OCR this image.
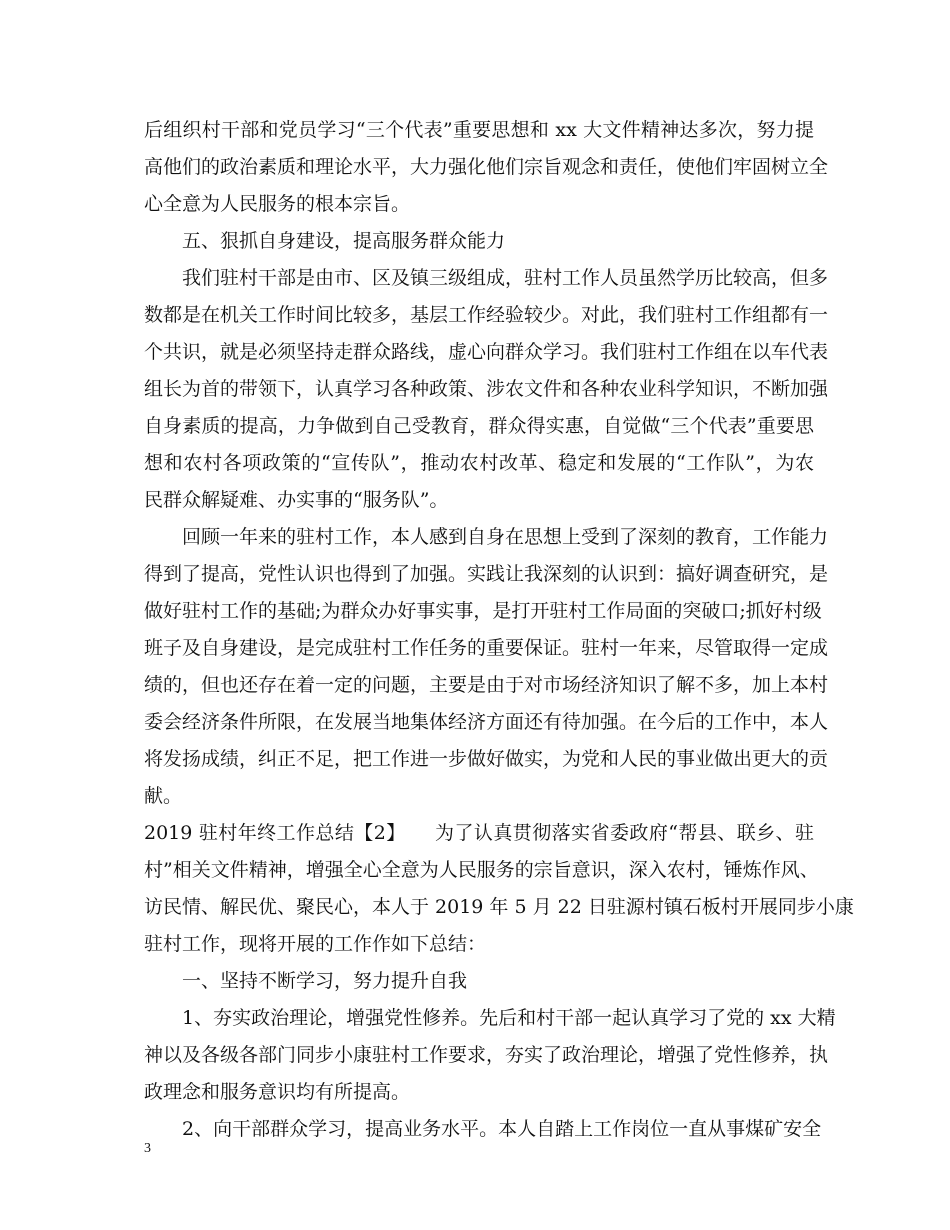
后组织村干部和党员学习“三个代表”重要思想和 xx 大文件精神达多次，努力提
高他们的政治素质和理论水平，大力强化他们宗旨观念和责任，使他们牢固树立全
心全意为人民服务的根本宗旨。
五、狠抓自身建设，提高服务群众能力
我们驻村干部是由市、区及镇三级组成，驻村工作人员虽然学历比较高，但多
数都是在机关工作时间比较多，基层工作经验较少。对此，我们驻村工作组都有一
个共识，就是必须坚持走群众路线，虚心向群众学习。我们驻村工作组在以车代表
组长为首的带领下，认真学习各种政策、涉农文件和各种农业科学知识，不断加强
自身素质的提高，力争做到自己受教育，群众得实惠，自觉做“三个代表”重要思
想和农村各项政策的“宣传队”，推动农村改革、稳定和发展的“工作队”，为农
民群众解疑难、办实事的“服务队”。
回顾一年来的驻村工作，本人感到自身在思想上受到了深刻的教育，工作能力
得到了提高，党性认识也得到了加强。实践让我深刻的认识到：搞好调查研究，是
做好驻村工作的基础;为群众办好事实事，是打开驻村工作局面的突破口;抓好村级
班子及自身建设，是完成驻村工作任务的重要保证。驻村一年来，尽管取得一定成
绩的，但也还存在着一定的问题，主要是由于对市场经济知识了解不多，加上本村
委会经济条件所限，在发展当地集体经济方面还有待加强。在今后的工作中，本人
将发扬成绩，纠正不足，把工作进一步做好做实，为党和人民的事业做出更大的贡
献。
2019 驻村年终工作总结【2】　　为了认真贯彻落实省委政府“帮县、联乡、驻
村”相关文件精神，增强全心全意为人民服务的宗旨意识，深入农村，锤炼作风、
访民情、解民优、聚民心，本人于 2019 年 5 月 22 日驻源村镇石板村开展同步小康
驻村工作，现将开展的工作作如下总结：
一、坚持不断学习，努力提升自我
1、夯实政治理论，增强党性修养。先后和村干部一起认真学习了党的 xx 大精
神以及各级各部门同步小康驻村工作要求，夯实了政治理论，增强了党性修养，执
政理念和服务意识均有所提高。
2、向干部群众学习，提高业务水平。本人自踏上工作岗位一直从事煤矿安全
3
